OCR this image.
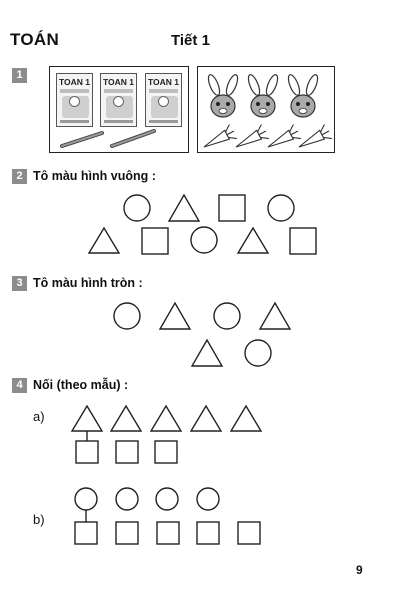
TOÁN	Tiết 1
1
TOAN 1 TOAN 1 TOAN 1
2 Tô màu hình vuông :
3 Tô màu hình tròn :
4 Nối (theo mẫu) :
a)
b)
9
